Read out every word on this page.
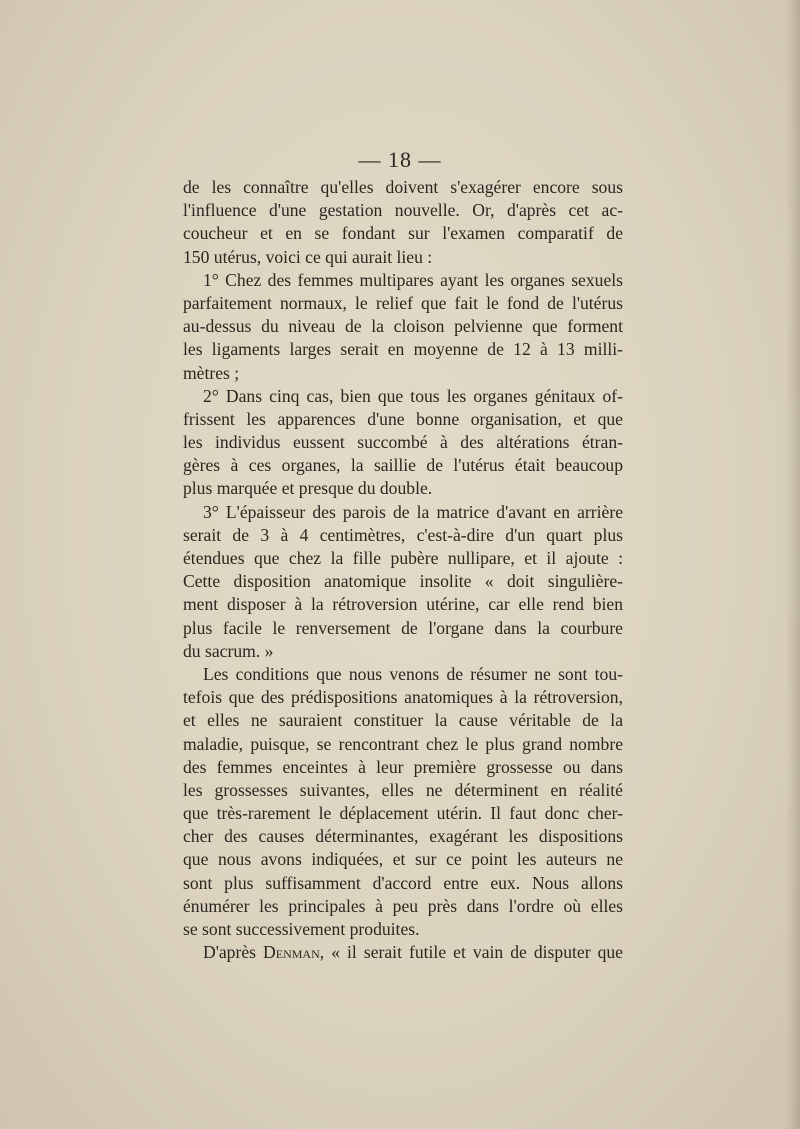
— 18 —
de les connaître qu'elles doivent s'exagérer encore sous
l'influence d'une gestation nouvelle. Or, d'après cet ac-
coucheur et en se fondant sur l'examen comparatif de
150 utérus, voici ce qui aurait lieu :
1° Chez des femmes multipares ayant les organes sexuels
parfaitement normaux, le relief que fait le fond de l'utérus
au-dessus du niveau de la cloison pelvienne que forment
les ligaments larges serait en moyenne de 12 à 13 milli-
mètres ;
2° Dans cinq cas, bien que tous les organes génitaux of-
frissent les apparences d'une bonne organisation, et que
les individus eussent succombé à des altérations étran-
gères à ces organes, la saillie de l'utérus était beaucoup
plus marquée et presque du double.
3° L'épaisseur des parois de la matrice d'avant en arrière
serait de 3 à 4 centimètres, c'est-à-dire d'un quart plus
étendues que chez la fille pubère nullipare, et il ajoute :
Cette disposition anatomique insolite « doit singulière-
ment disposer à la rétroversion utérine, car elle rend bien
plus facile le renversement de l'organe dans la courbure
du sacrum. »
Les conditions que nous venons de résumer ne sont tou-
tefois que des prédispositions anatomiques à la rétroversion,
et elles ne sauraient constituer la cause véritable de la
maladie, puisque, se rencontrant chez le plus grand nombre
des femmes enceintes à leur première grossesse ou dans
les grossesses suivantes, elles ne déterminent en réalité
que très-rarement le déplacement utérin. Il faut donc cher-
cher des causes déterminantes, exagérant les dispositions
que nous avons indiquées, et sur ce point les auteurs ne
sont plus suffisamment d'accord entre eux. Nous allons
énumérer les principales à peu près dans l'ordre où elles
se sont successivement produites.
D'après Denman, « il serait futile et vain de disputer que
